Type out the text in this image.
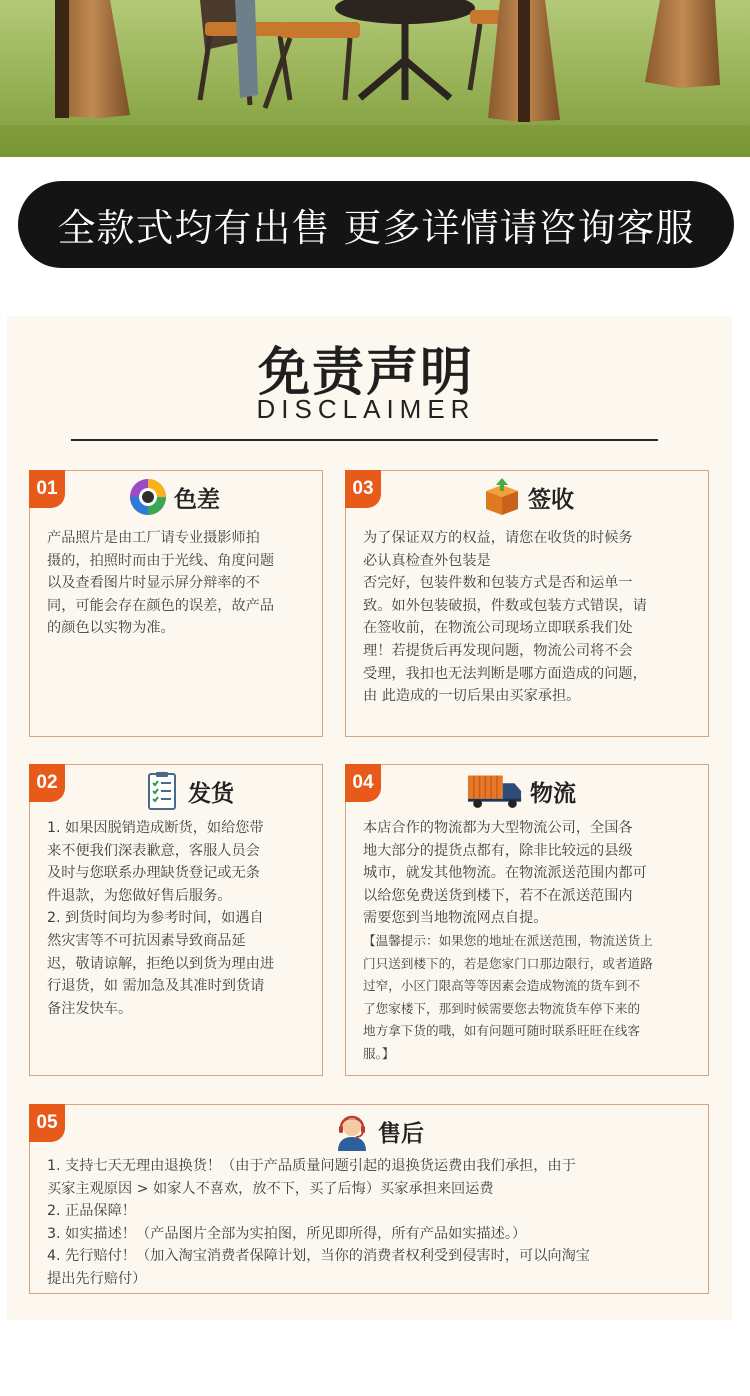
全款式均有出售 更多详情请咨询客服
免责声明
DISCLAIMER
01	色差

产品照片是由工厂请专业摄影师拍

摄的，拍照时而由于光线、角度问题

以及查看图片时显示屏分辩率的不

同，可能会存在颜色的误差，故产品

的颜色以实物为准。

03	签收

为了保证双方的权益，请您在收货的时候务

必认真检查外包装是

否完好，包装件数和包装方式是否和运单一

致。如外包装破损，件数或包装方式错误，请

在签收前，在物流公司现场立即联系我们处

理！若提货后再发现问题，物流公司将不会

受理，我扣也无法判断是哪方面造成的问题，

由 此造成的一切后果由买家承担。

02	发货

1. 如果因脱销造成断货，如给您带

来不便我们深表歉意，客服人员会

及时与您联系办理缺货登记或无条

件退款，为您做好售后服务。

2. 到货时间均为参考时间，如遇自

然灾害等不可抗因素导致商品延

迟，敬请谅解，拒绝以到货为理由进

行退货，如 需加急及其准时到货请

备注发快车。

04	物流

本店合作的物流都为大型物流公司，全国各

地大部分的提货点都有，除非比较远的县级

城市，就发其他物流。在物流派送范围内都可

以给您免费送货到楼下，若不在派送范围内

需要您到当地物流网点自提。

【温馨提示：如果您的地址在派送范围，物流送货上

门只送到楼下的，若是您家门口那边限行，或者道路

过窄，小区门限高等等因素会造成物流的货车到不

了您家楼下，那到时候需要您去物流货车停下来的

地方拿下货的哦，如有问题可随时联系旺旺在线客

服。】

05	售后

1. 支持七天无理由退换货！（由于产品质量问题引起的退换货运费由我们承担，由于

买家主观原因 > 如家人不喜欢，放不下，买了后悔）买家承担来回运费

2. 正品保障！

3. 如实描述！（产品图片全部为实拍图，所见即所得，所有产品如实描述。）

4. 先行赔付！（加入淘宝消费者保障计划，当你的消费者权利受到侵害时，可以向淘宝

提出先行赔付）
